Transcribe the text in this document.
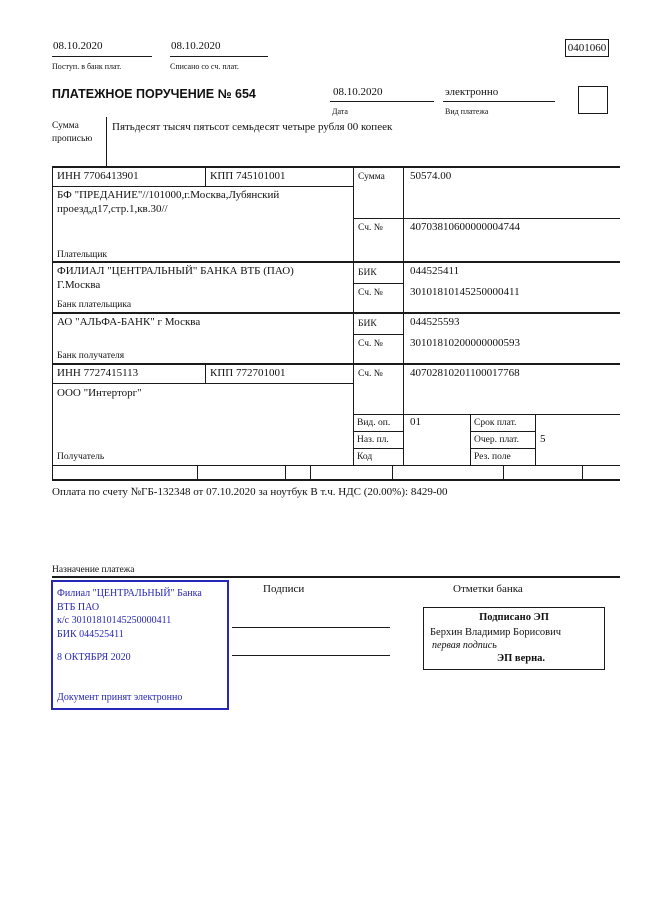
08.10.2020
Поступ. в банк плат.
08.10.2020
Списано со сч. плат.
0401060
ПЛАТЕЖНОЕ ПОРУЧЕНИЕ № 654	08.10.2020
Дата
электронно
Вид платежа
Сумма прописью
Пятьдесят тысяч пятьсот семьдесят четыре рубля 00 копеек
ИНН 7706413901	КПП 745101001	Сумма 50574.00
БФ "ПРЕДАНИЕ"//101000,г.Москва,Лубянский
проезд,д17,стр.1,кв.30//
Сч. № 40703810600000004744
Плательщик
ФИЛИАЛ "ЦЕНТРАЛЬНЫЙ" БАНКА ВТБ (ПАО)
Г.Москва
БИК	044525411
Сч. № 30101810145250000411
Банк плательщика
АО "АЛЬФА-БАНК" г Москва	БИК	044525593
Сч. № 30101810200000000593
Банк получателя
ИНН 7727415113	КПП 772701001	Сч. № 40702810201100017768
ООО "Интерторг"
Получатель
Вид. оп. 01	Срок плат.
Наз. пл.	Очер. плат. 5
Код	Рез. поле
Оплата по счету №ГБ-132348 от 07.10.2020 за ноутбук В т.ч. НДС (20.00%): 8429-00
Назначение платежа
Филиал "ЦЕНТРАЛЬНЫЙ" Банка
ВТБ ПАО
к/с 30101810145250000411
БИК 044525411
8 ОКТЯБРЯ 2020
Документ принят электронно
Подписи	Отметки банка
Подписано ЭП
Берхин Владимир Борисович
первая подпись
ЭП верна.
